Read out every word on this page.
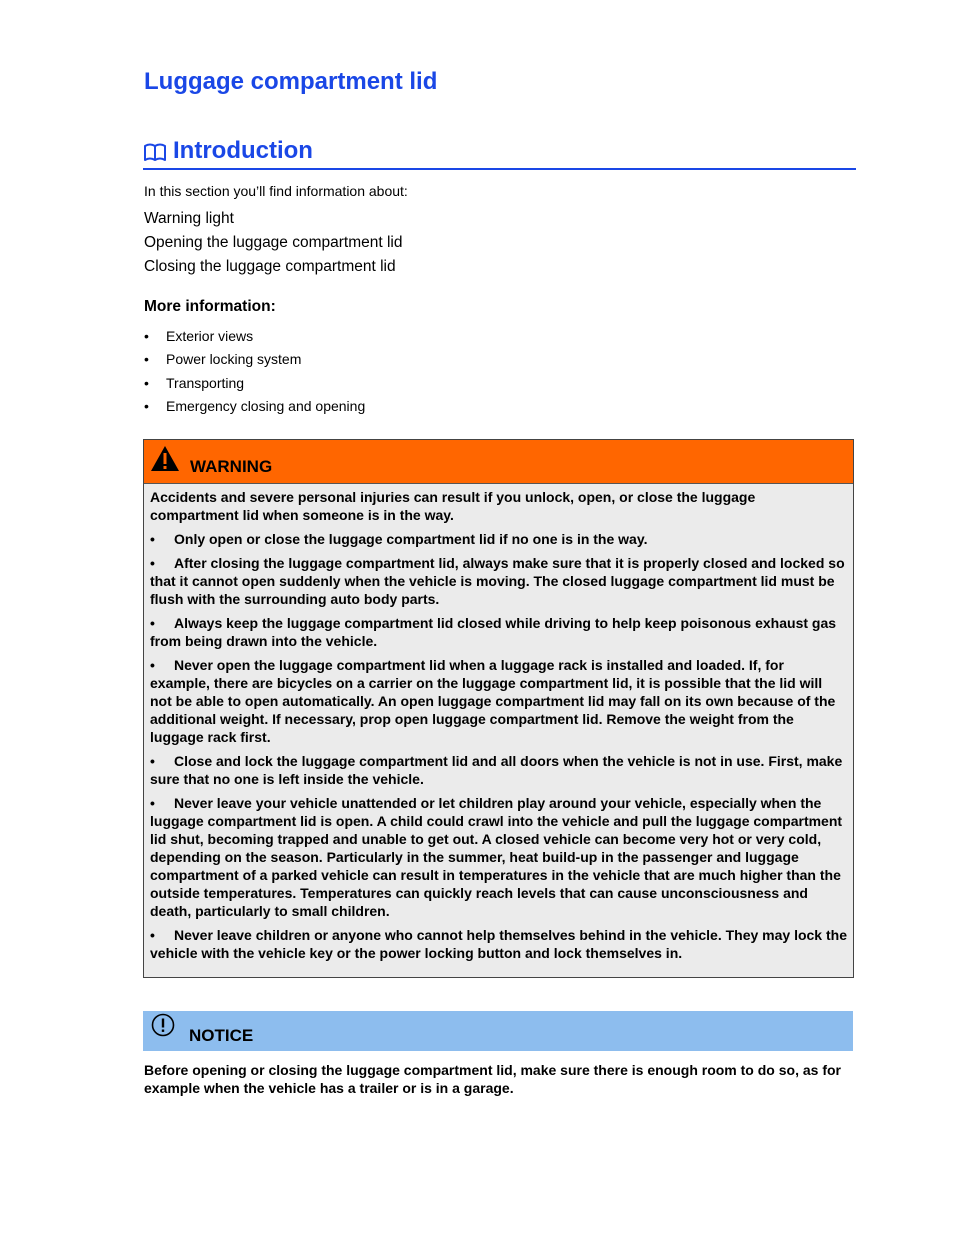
Luggage compartment lid
Introduction
In this section you’ll find information about:
Warning light
Opening the luggage compartment lid
Closing the luggage compartment lid
More information:
•	Exterior views
•	Power locking system
•	Transporting
•	Emergency closing and opening
WARNING

Accidents and severe personal injuries can result if you unlock, open, or close the luggage compartment lid when someone is in the way.

• Only open or close the luggage compartment lid if no one is in the way.
• After closing the luggage compartment lid, always make sure that it is properly closed and locked so that it cannot open suddenly when the vehicle is moving. The closed luggage compartment lid must be flush with the surrounding auto body parts.
• Always keep the luggage compartment lid closed while driving to help keep poisonous exhaust gas from being drawn into the vehicle.
• Never open the luggage compartment lid when a luggage rack is installed and loaded. If, for example, there are bicycles on a carrier on the luggage compartment lid, it is possible that the lid will not be able to open automatically. An open luggage compartment lid may fall on its own because of the additional weight. If necessary, prop open luggage compartment lid. Remove the weight from the luggage rack first.
• Close and lock the luggage compartment lid and all doors when the vehicle is not in use. First, make sure that no one is left inside the vehicle.
• Never leave your vehicle unattended or let children play around your vehicle, especially when the luggage compartment lid is open. A child could crawl into the vehicle and pull the luggage compartment lid shut, becoming trapped and unable to get out. A closed vehicle can become very hot or very cold, depending on the season. Particularly in the summer, heat build-up in the passenger and luggage compartment of a parked vehicle can result in temperatures in the vehicle that are much higher than the outside temperatures. Temperatures can quickly reach levels that can cause unconsciousness and death, particularly to small children.
• Never leave children or anyone who cannot help themselves behind in the vehicle. They may lock the vehicle with the vehicle key or the power locking button and lock themselves in.
NOTICE
Before opening or closing the luggage compartment lid, make sure there is enough room to do so, as for example when the vehicle has a trailer or is in a garage.
